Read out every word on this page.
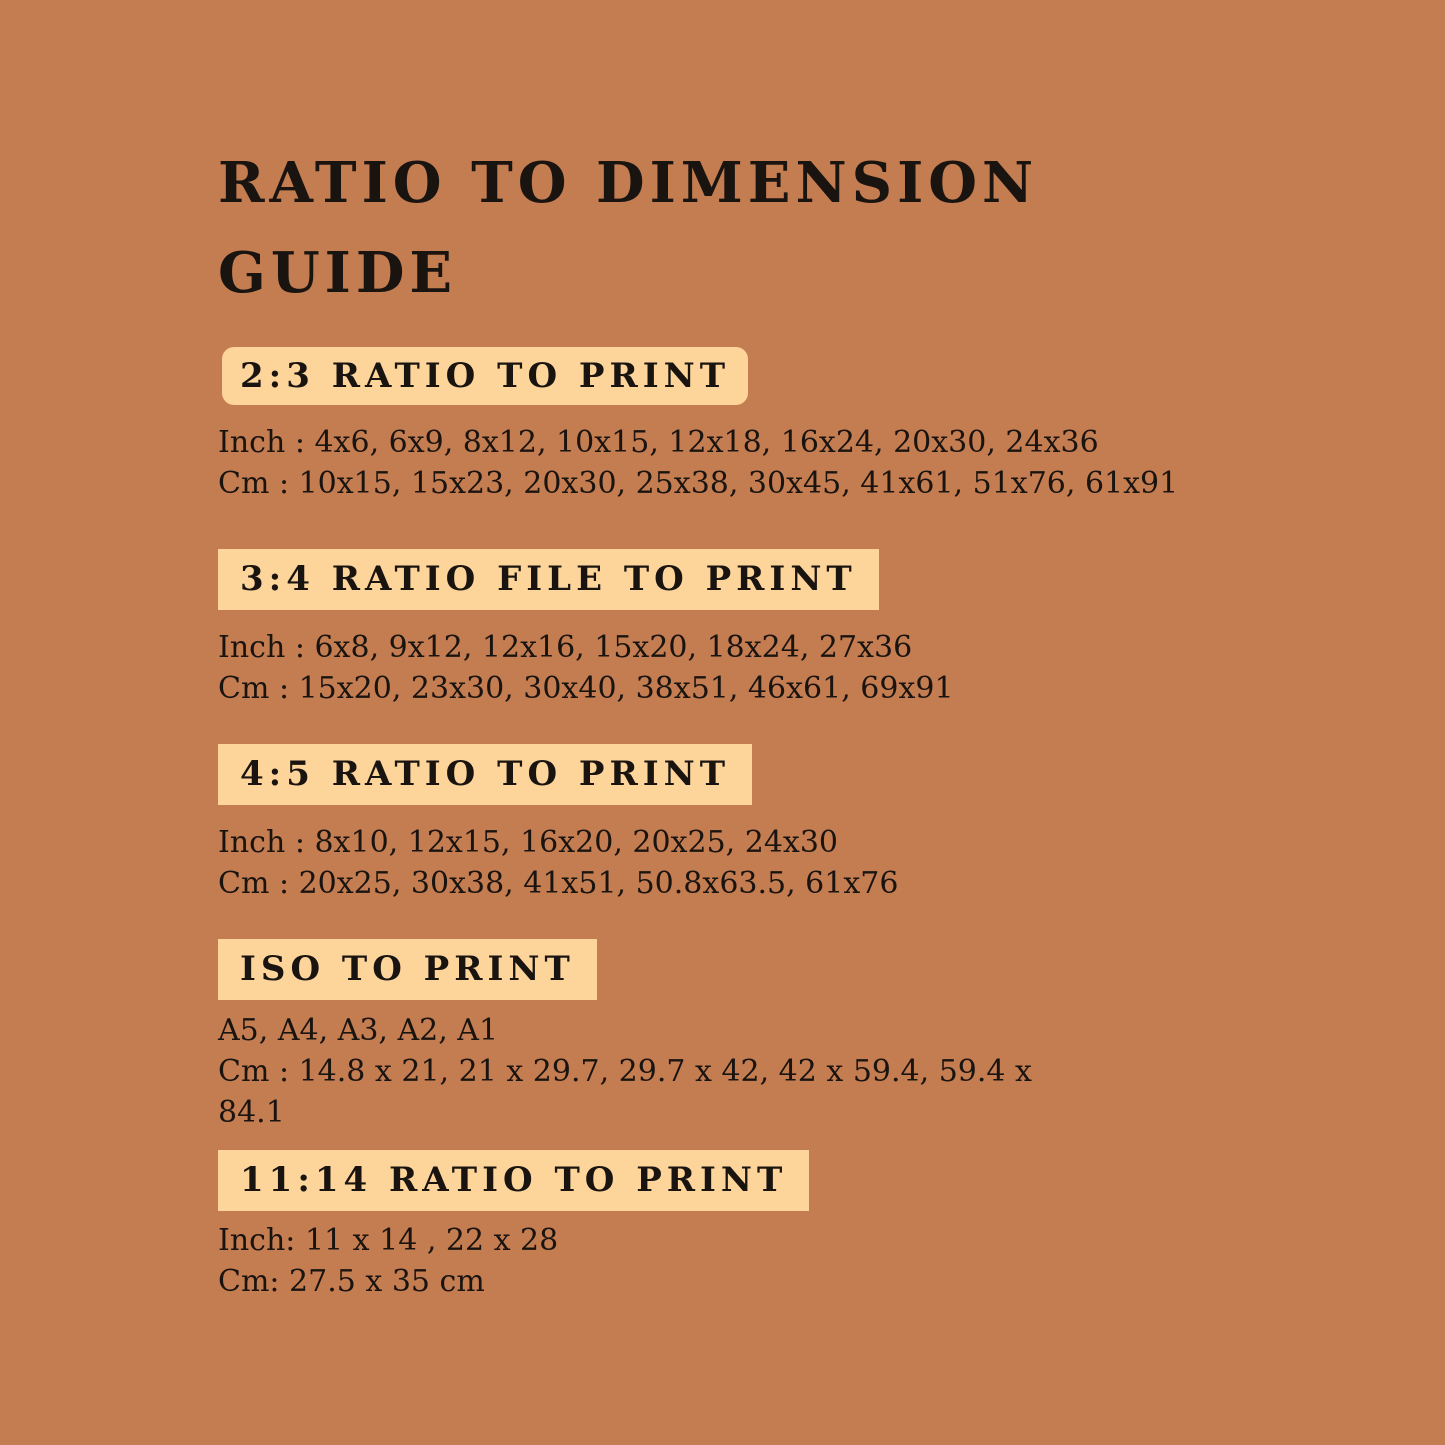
RATIO TO DIMENSION GUIDE
2:3 RATIO TO PRINT
Inch : 4x6, 6x9, 8x12, 10x15, 12x18, 16x24, 20x30, 24x36
Cm : 10x15, 15x23, 20x30, 25x38, 30x45, 41x61, 51x76, 61x91
3:4 RATIO FILE TO PRINT
Inch : 6x8, 9x12, 12x16, 15x20, 18x24, 27x36
Cm : 15x20, 23x30, 30x40, 38x51, 46x61, 69x91
4:5 RATIO TO PRINT
Inch : 8x10, 12x15, 16x20, 20x25, 24x30
Cm : 20x25, 30x38, 41x51, 50.8x63.5, 61x76
ISO TO PRINT
A5, A4, A3, A2, A1
Cm : 14.8 x 21, 21 x 29.7, 29.7 x 42, 42 x 59.4, 59.4 x 84.1
11:14 RATIO TO PRINT
Inch: 11 x 14 , 22 x 28
Cm: 27.5 x 35 cm
